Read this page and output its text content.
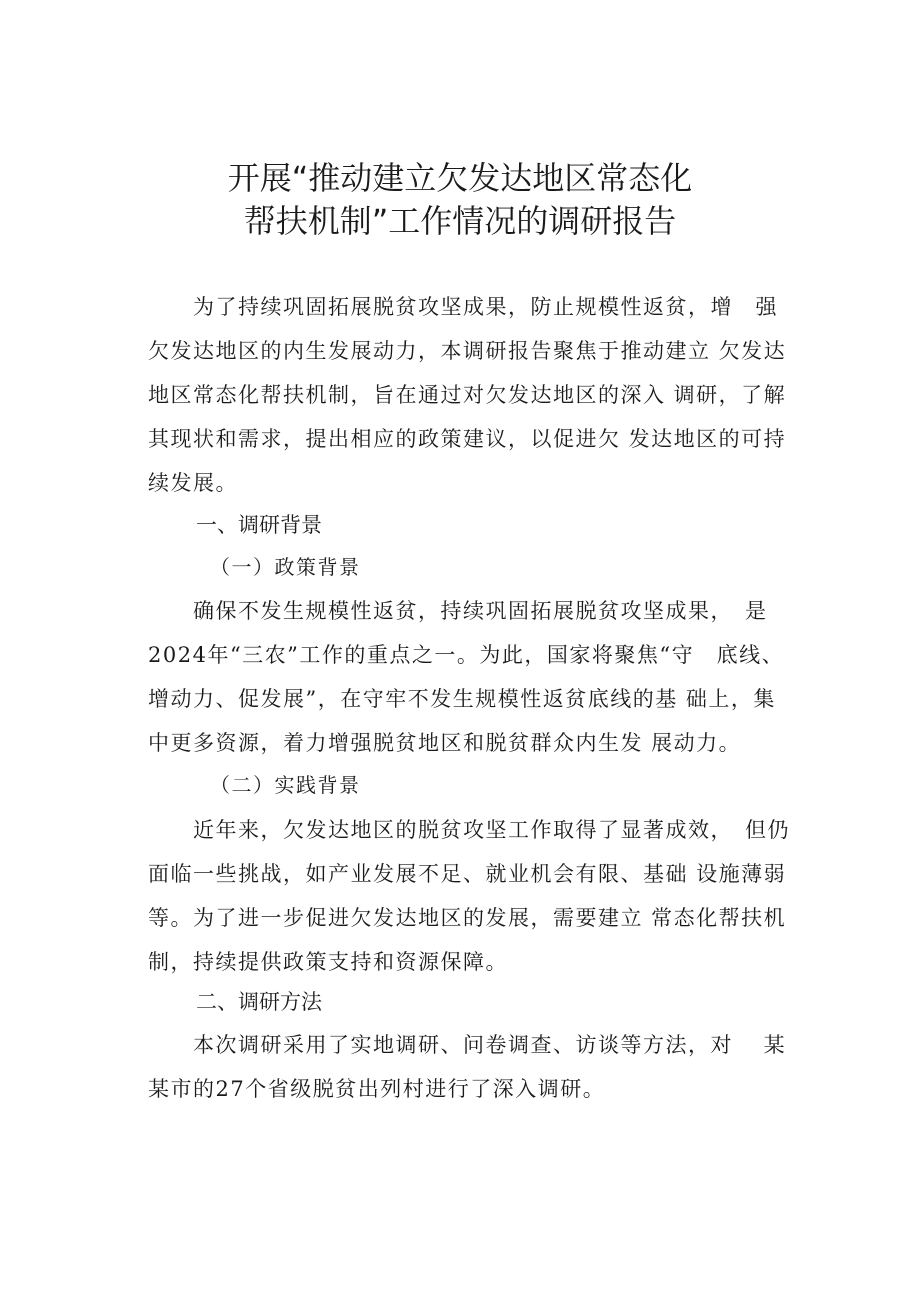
开展“推动建立欠发达地区常态化
帮扶机制”工作情况的调研报告
　　为了持续巩固拓展脱贫攻坚成果，防止规模性返贫，增　强
欠发达地区的内生发展动力，本调研报告聚焦于推动建立 欠发达
地区常态化帮扶机制，旨在通过对欠发达地区的深入 调研，了解
其现状和需求，提出相应的政策建议，以促进欠 发达地区的可持
续发展。
一、调研背景
（一）政策背景
　　确保不发生规模性返贫，持续巩固拓展脱贫攻坚成果，　是
2024年“三农”工作的重点之一。为此，国家将聚焦“守　底线、
增动力、促发展”，在守牢不发生规模性返贫底线的基 础上，集
中更多资源，着力增强脱贫地区和脱贫群众内生发 展动力。
（二）实践背景
　　近年来，欠发达地区的脱贫攻坚工作取得了显著成效，　但仍
面临一些挑战，如产业发展不足、就业机会有限、基础 设施薄弱
等。为了进一步促进欠发达地区的发展，需要建立 常态化帮扶机
制，持续提供政策支持和资源保障。
二、调研方法
　　本次调研采用了实地调研、问卷调查、访谈等方法，对　 某
某市的27个省级脱贫出列村进行了深入调研。
